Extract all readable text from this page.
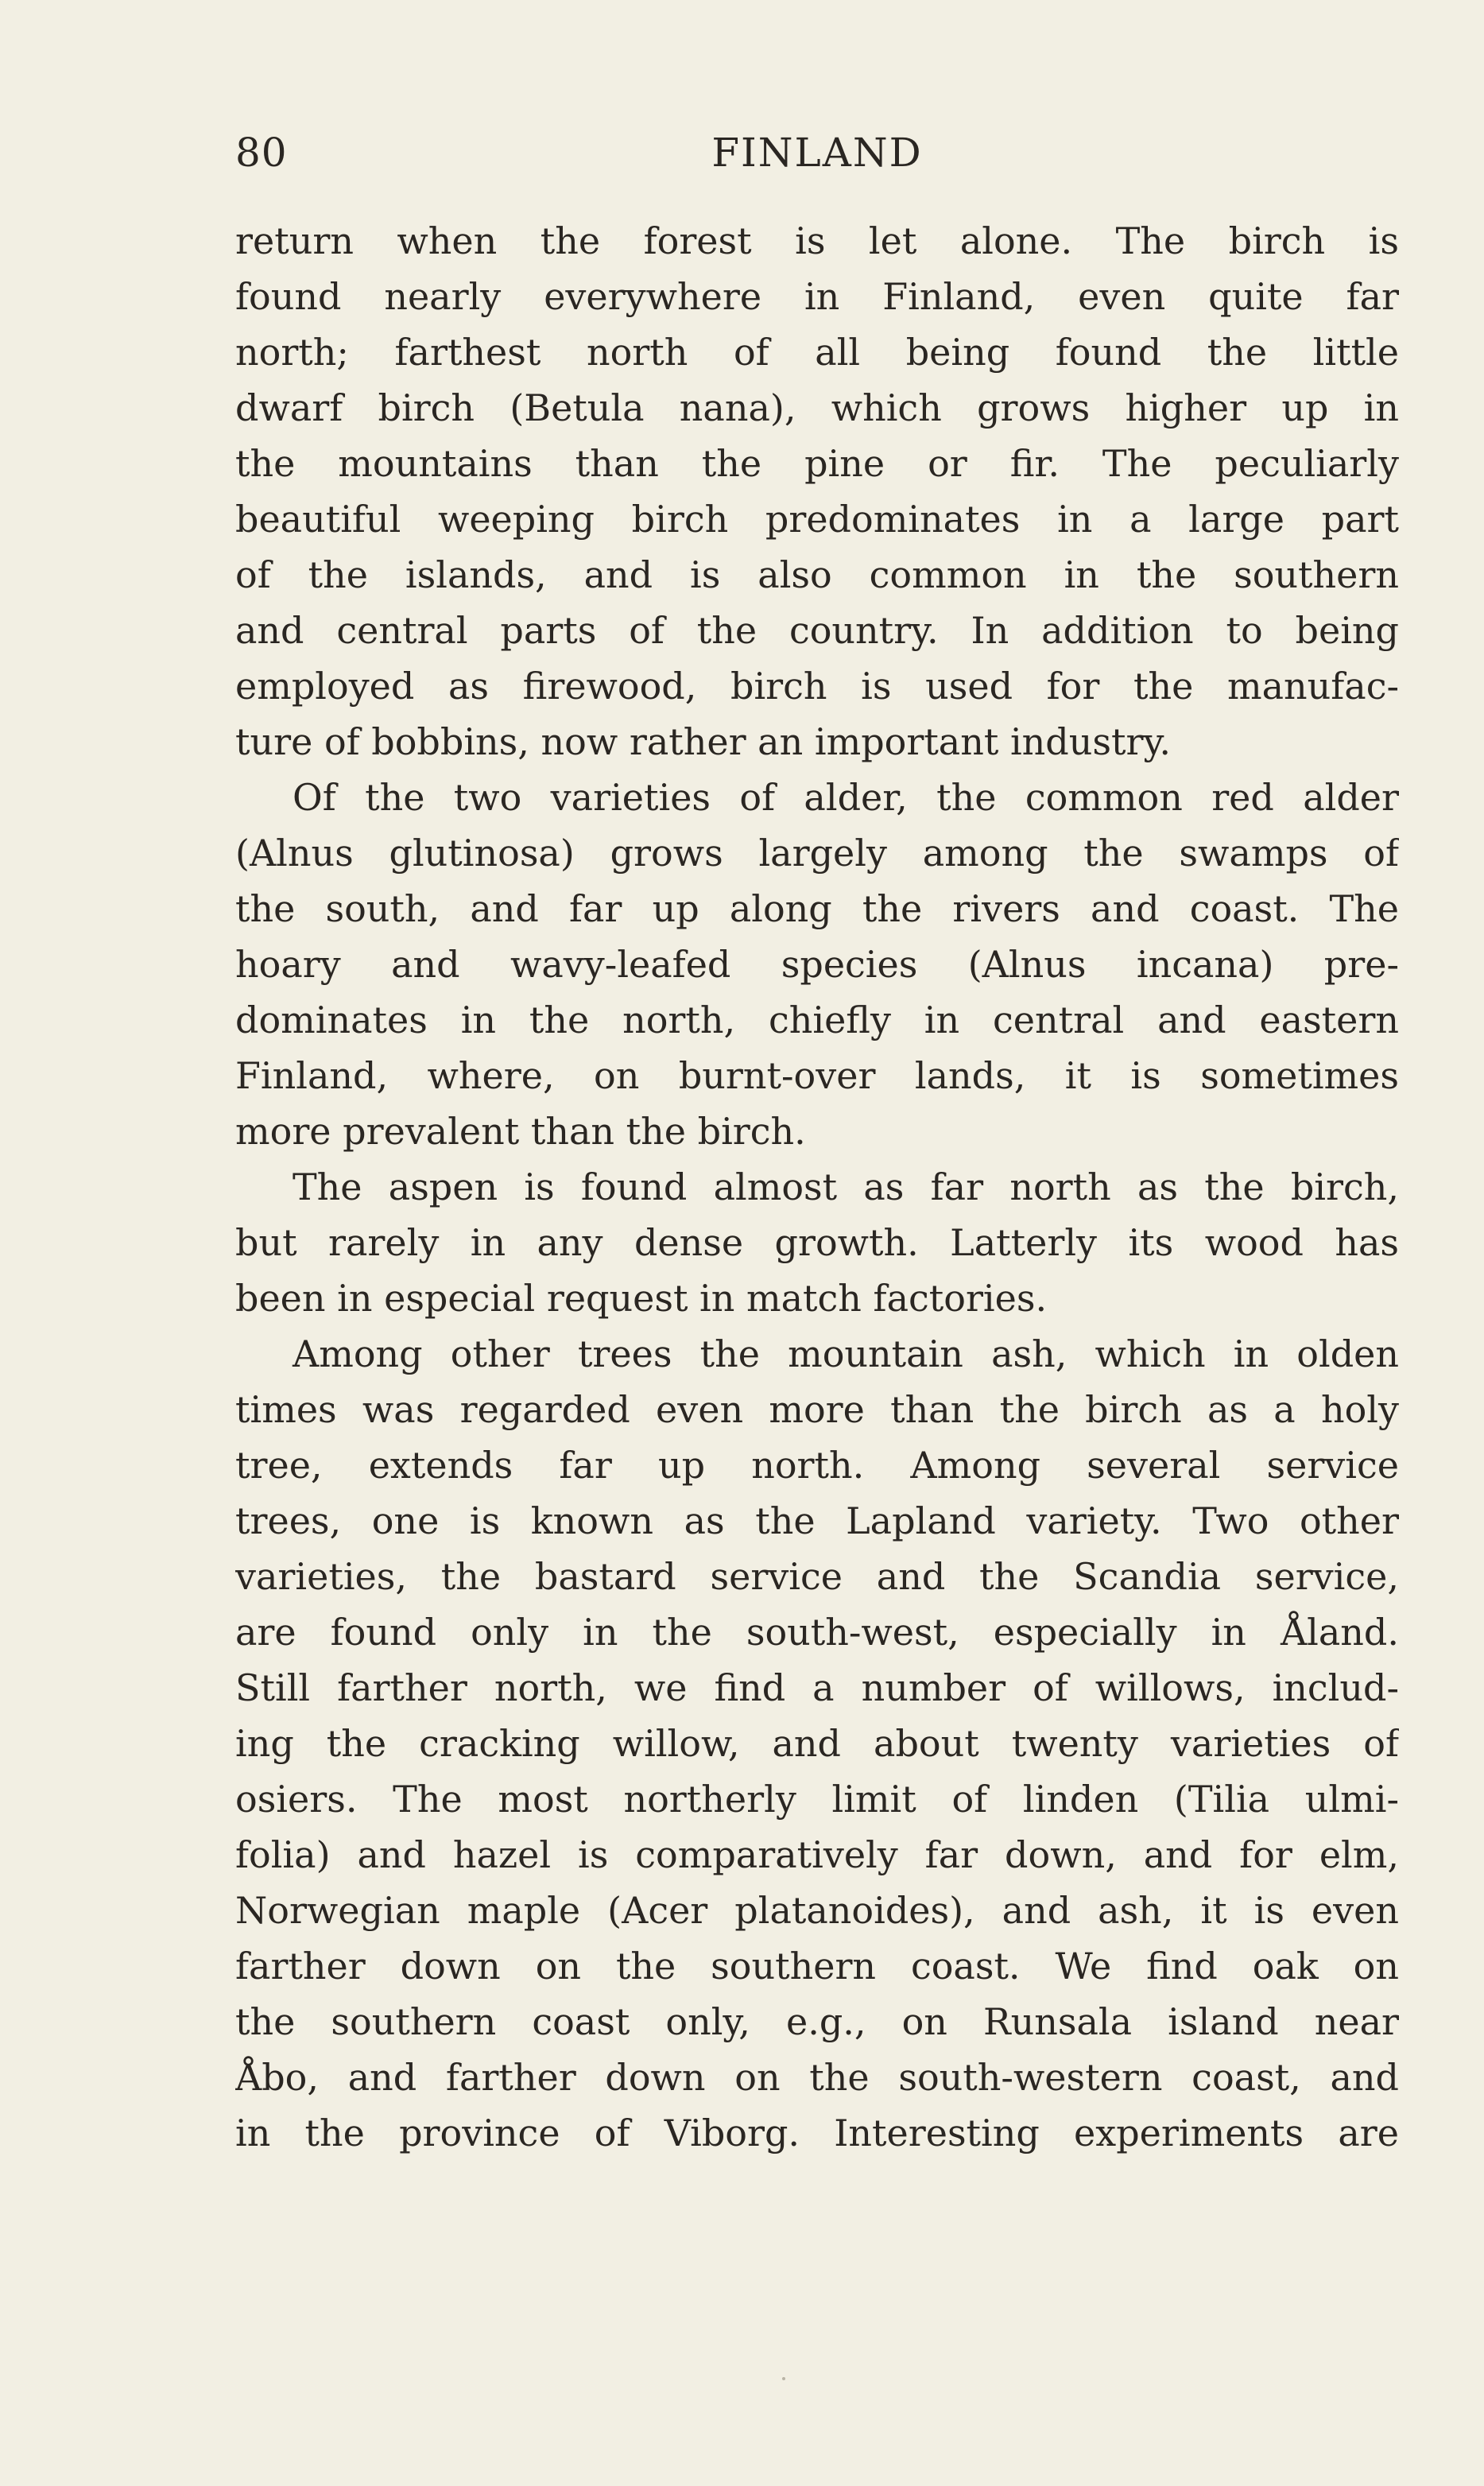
80	FINLAND
return when the forest is let alone. The birch is
found nearly everywhere in Finland, even quite far
north; farthest north of all being found the little
dwarf birch (Betula nana), which grows higher up in
the mountains than the pine or fir. The peculiarly
beautiful weeping birch predominates in a large part
of the islands, and is also common in the southern
and central parts of the country. In addition to being
employed as firewood, birch is used for the manufac-
ture of bobbins, now rather an important industry.
Of the two varieties of alder, the common red alder
(Alnus glutinosa) grows largely among the swamps of
the south, and far up along the rivers and coast. The
hoary and wavy-leafed species (Alnus incana) pre-
dominates in the north, chiefly in central and eastern
Finland, where, on burnt-over lands, it is sometimes
more prevalent than the birch.
The aspen is found almost as far north as the birch,
but rarely in any dense growth. Latterly its wood has
been in especial request in match factories.
Among other trees the mountain ash, which in olden
times was regarded even more than the birch as a holy
tree, extends far up north. Among several service
trees, one is known as the Lapland variety. Two other
varieties, the bastard service and the Scandia service,
are found only in the south-west, especially in Åland.
Still farther north, we find a number of willows, includ-
ing the cracking willow, and about twenty varieties of
osiers. The most northerly limit of linden (Tilia ulmi-
folia) and hazel is comparatively far down, and for elm,
Norwegian maple (Acer platanoides), and ash, it is even
farther down on the southern coast. We find oak on
the southern coast only, e.g., on Runsala island near
Åbo, and farther down on the south-western coast, and
in the province of Viborg. Interesting experiments are
